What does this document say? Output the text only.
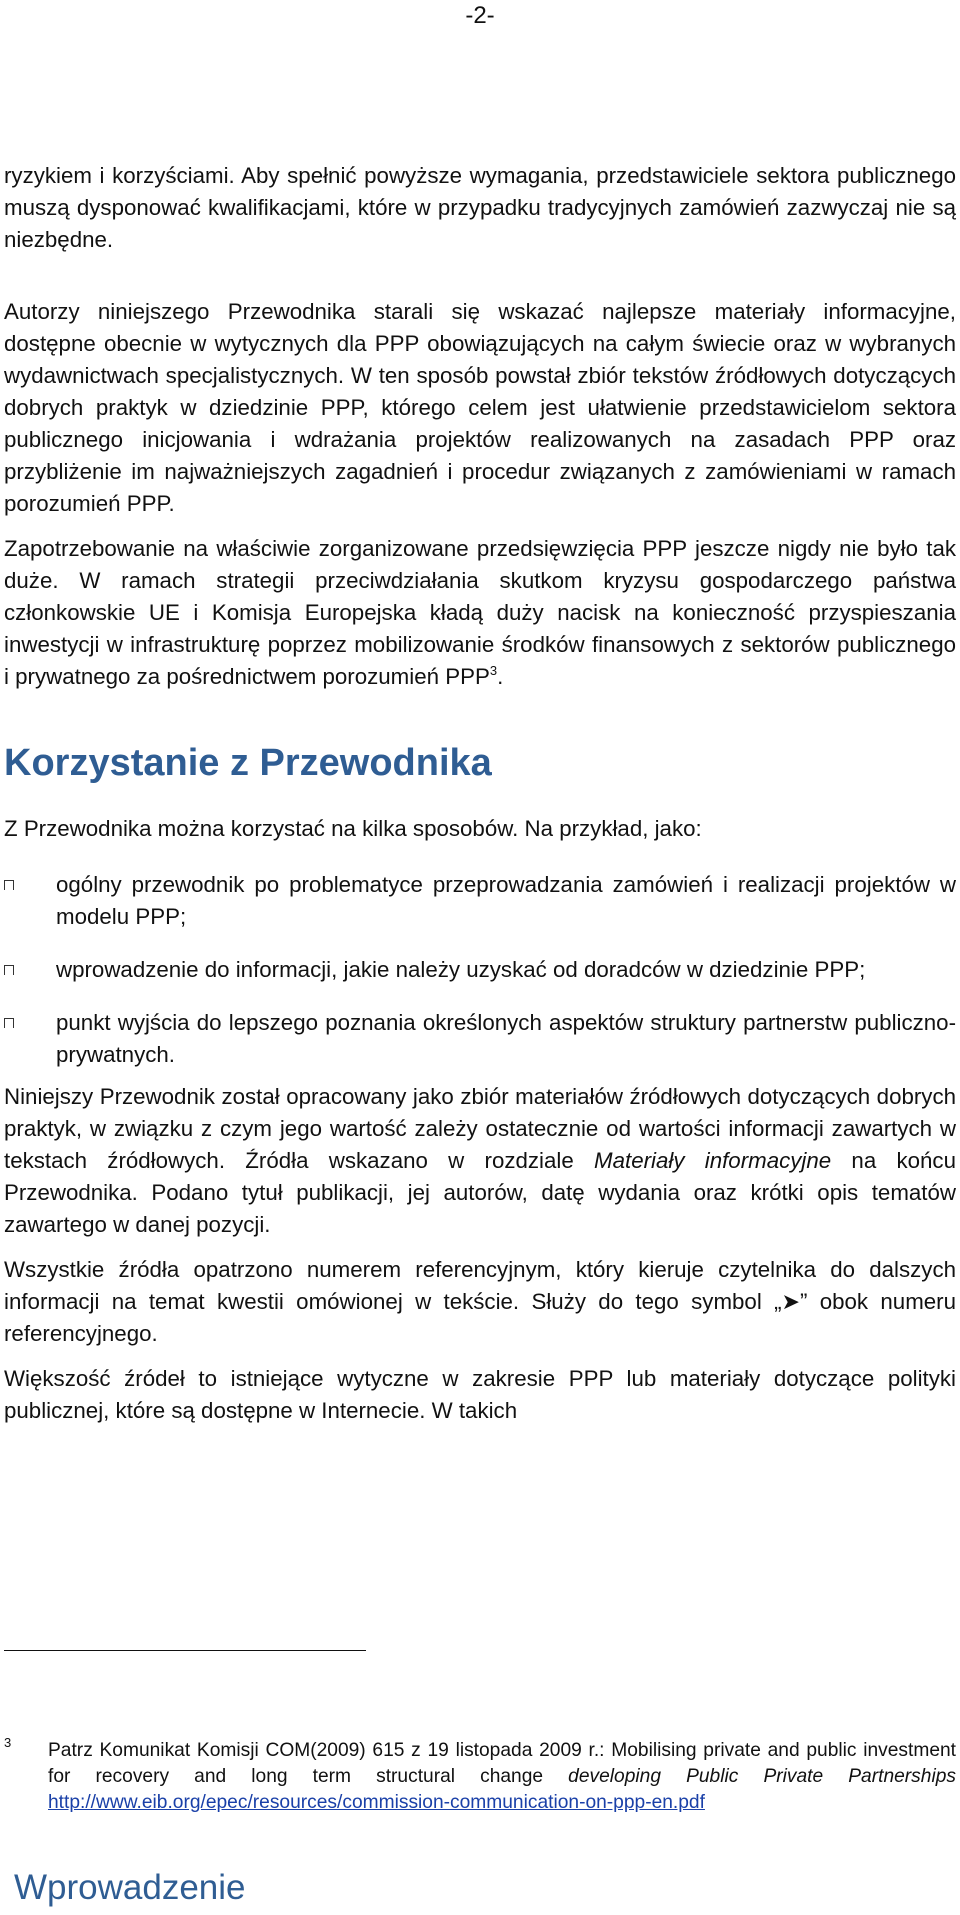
-2-

ryzykiem i korzyściami. Aby spełnić powyższe wymagania, przedstawiciele sektora publicznego muszą dysponować kwalifikacjami, które w przypadku tradycyjnych zamówień zazwyczaj nie są niezbędne.

Autorzy niniejszego Przewodnika starali się wskazać najlepsze materiały informacyjne, dostępne obecnie w wytycznych dla PPP obowiązujących na całym świecie oraz w wybranych wydawnictwach specjalistycznych. W ten sposób powstał zbiór tekstów źródłowych dotyczących dobrych praktyk w dziedzinie PPP, którego celem jest ułatwienie przedstawicielom sektora publicznego inicjowania i wdrażania projektów realizowanych na zasadach PPP oraz przybliżenie im najważniejszych zagadnień i procedur związanych z zamówieniami w ramach porozumień PPP.

Zapotrzebowanie na właściwie zorganizowane przedsięwzięcia PPP jeszcze nigdy nie było tak duże. W ramach strategii przeciwdziałania skutkom kryzysu gospodarczego państwa członkowskie UE i Komisja Europejska kładą duży nacisk na konieczność przyspieszania inwestycji w infrastrukturę poprzez mobilizowanie środków finansowych z sektorów publicznego i prywatnego za pośrednictwem porozumień PPP$^3$.

Korzystanie z Przewodnika

Z Przewodnika można korzystać na kilka sposobów. Na przykład, jako:

ogólny przewodnik po problematyce przeprowadzania zamówień i realizacji projektów w modelu PPP;

wprowadzenie do informacji, jakie należy uzyskać od doradców w dziedzinie PPP;

punkt wyjścia do lepszego poznania określonych aspektów struktury partnerstw publiczno-prywatnych.

Niniejszy Przewodnik został opracowany jako zbiór materiałów źródłowych dotyczących dobrych praktyk, w związku z czym jego wartość zależy ostatecznie od wartości informacji zawartych w tekstach źródłowych. Źródła wskazano w rozdziale Materiały informacyjne na końcu Przewodnika. Podano tytuł publikacji, jej autorów, datę wydania oraz krótki opis tematów zawartego w danej pozycji.

Wszystkie źródła opatrzono numerem referencyjnym, który kieruje czytelnika do dalszych informacji na temat kwestii omówionej w tekście. Służy do tego symbol „➤” obok numeru referencyjnego.

Większość źródeł to istniejące wytyczne w zakresie PPP lub materiały dotyczące polityki publicznej, które są dostępne w Internecie. W takich

3 Patrz Komunikat Komisji COM(2009) 615 z 19 listopada 2009 r.: Mobilising private and public investment for recovery and long term structural change developing Public Private Partnerships http://www.eib.org/epec/resources/commission-communication-on-ppp-en.pdf
Wprowadzenie
